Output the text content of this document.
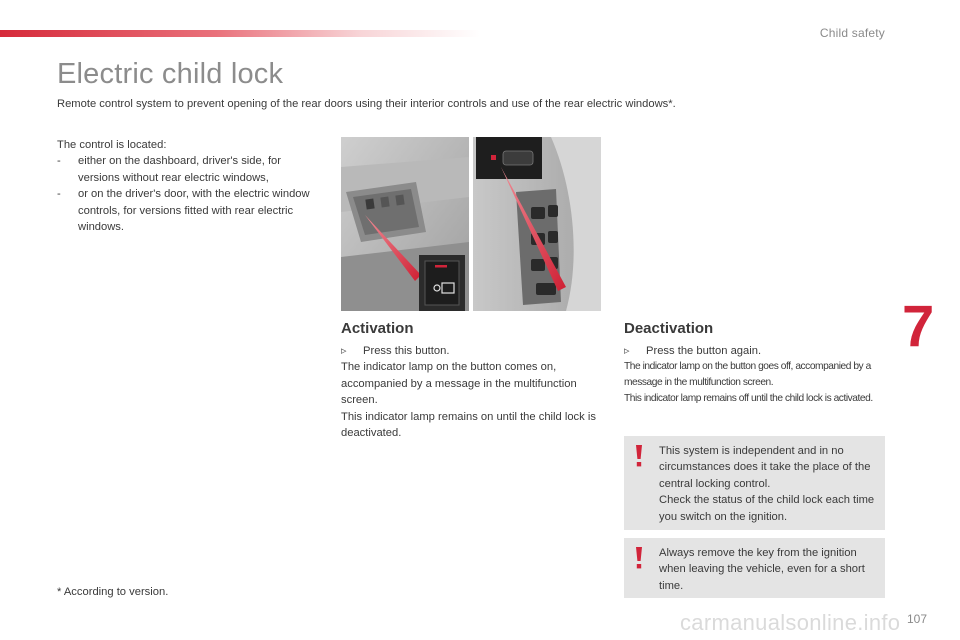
Child safety
Electric child lock

Remote control system to prevent opening of the rear doors using their interior controls and use of the rear electric windows*.

The control is located:

- either on the dashboard, driver's side, for versions without rear electric windows,
- or on the driver's door, with the electric window controls, for versions fitted with rear electric windows.
Activation
▹	Press this button.

The indicator lamp on the button comes on, accompanied by a message in the multifunction screen.

This indicator lamp remains on until the child lock is deactivated.

Deactivation
▹	Press the button again.

The indicator lamp on the button goes off, accompanied by a message in the multifunction screen.

This indicator lamp remains off until the child lock is activated.

This system is independent and in no circumstances does it take the place of the central locking control.

Check the status of the child lock each time you switch on the ignition.

Always remove the key from the ignition when leaving the vehicle, even for a short time.

7

* According to version.

carmanualsonline.info 107
